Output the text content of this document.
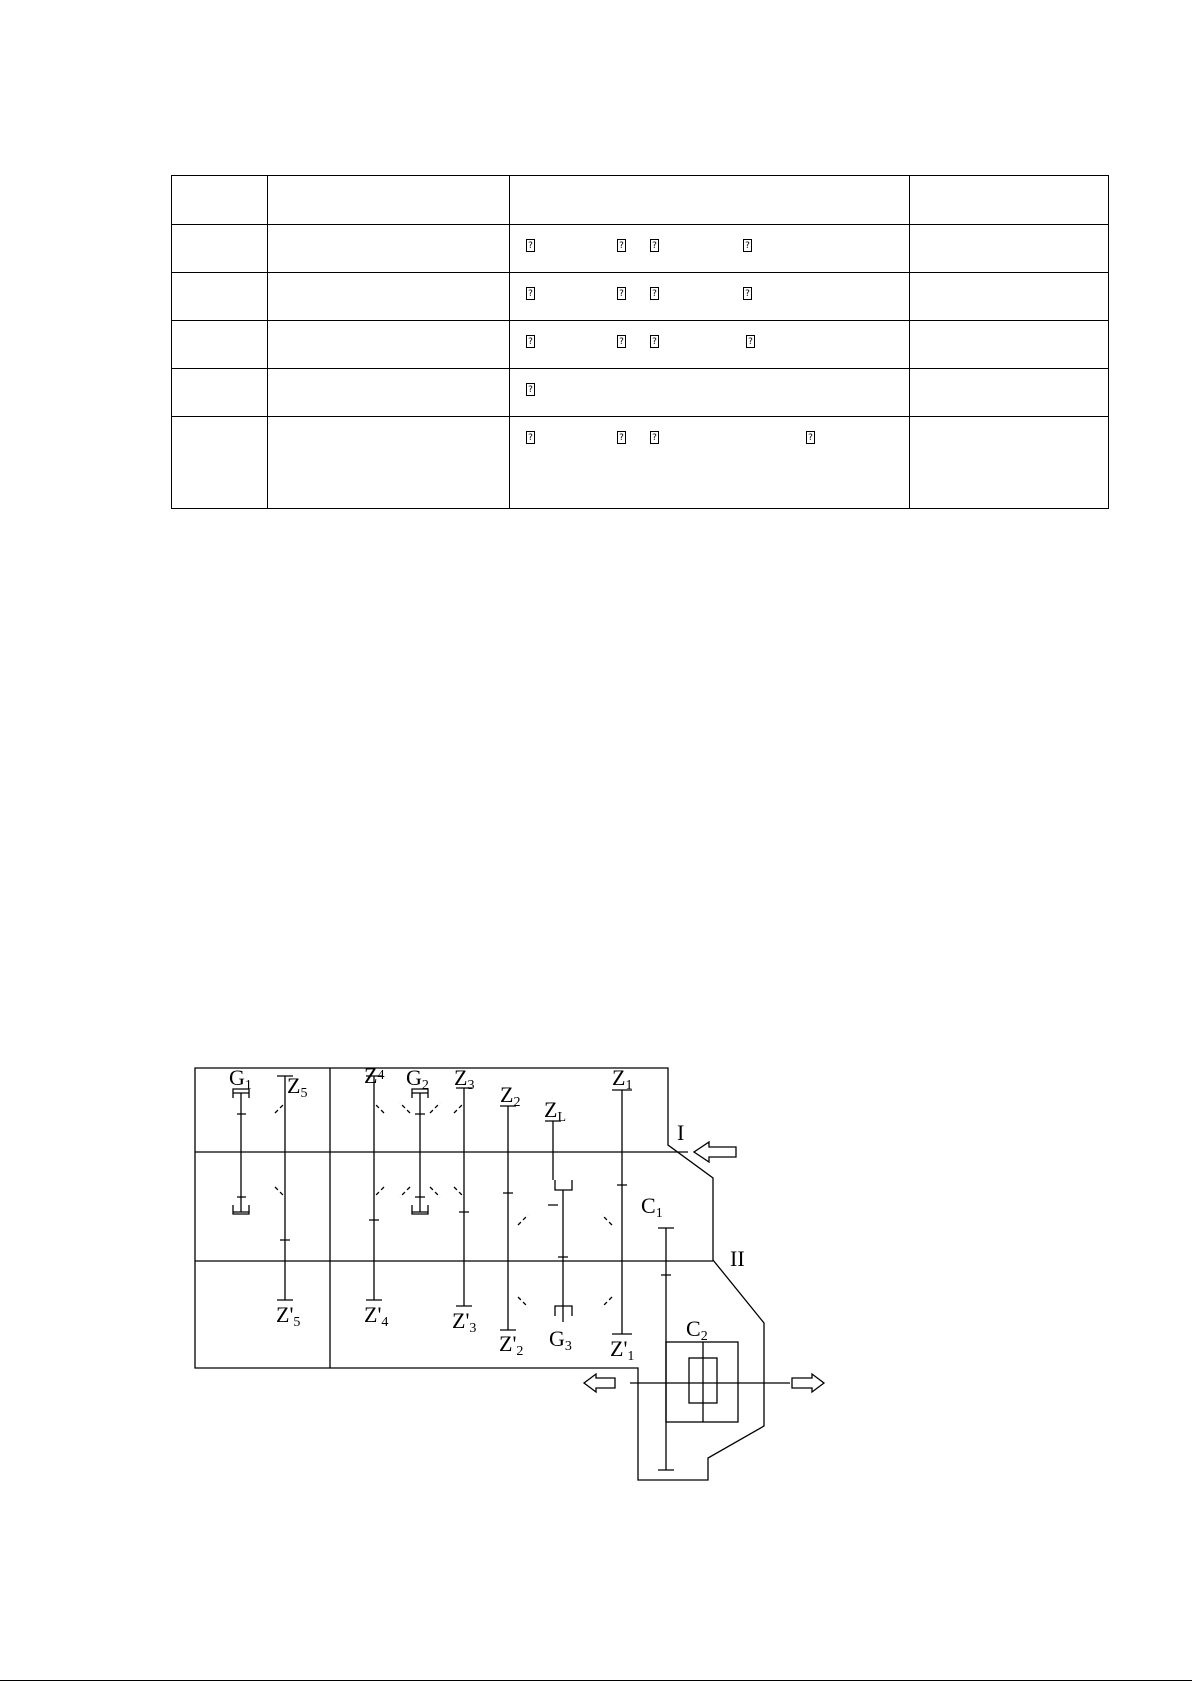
		? ? ? ?	

		? ? ? ?	

		? ? ? ?	

		?	

		? ? ? ?	

G1 Z5
Z4 G2 Z3 Z2 ZL
Z1
I
C1
II
Z'5	Z'4	Z'3
Z'2
G3 Z'1
C2
